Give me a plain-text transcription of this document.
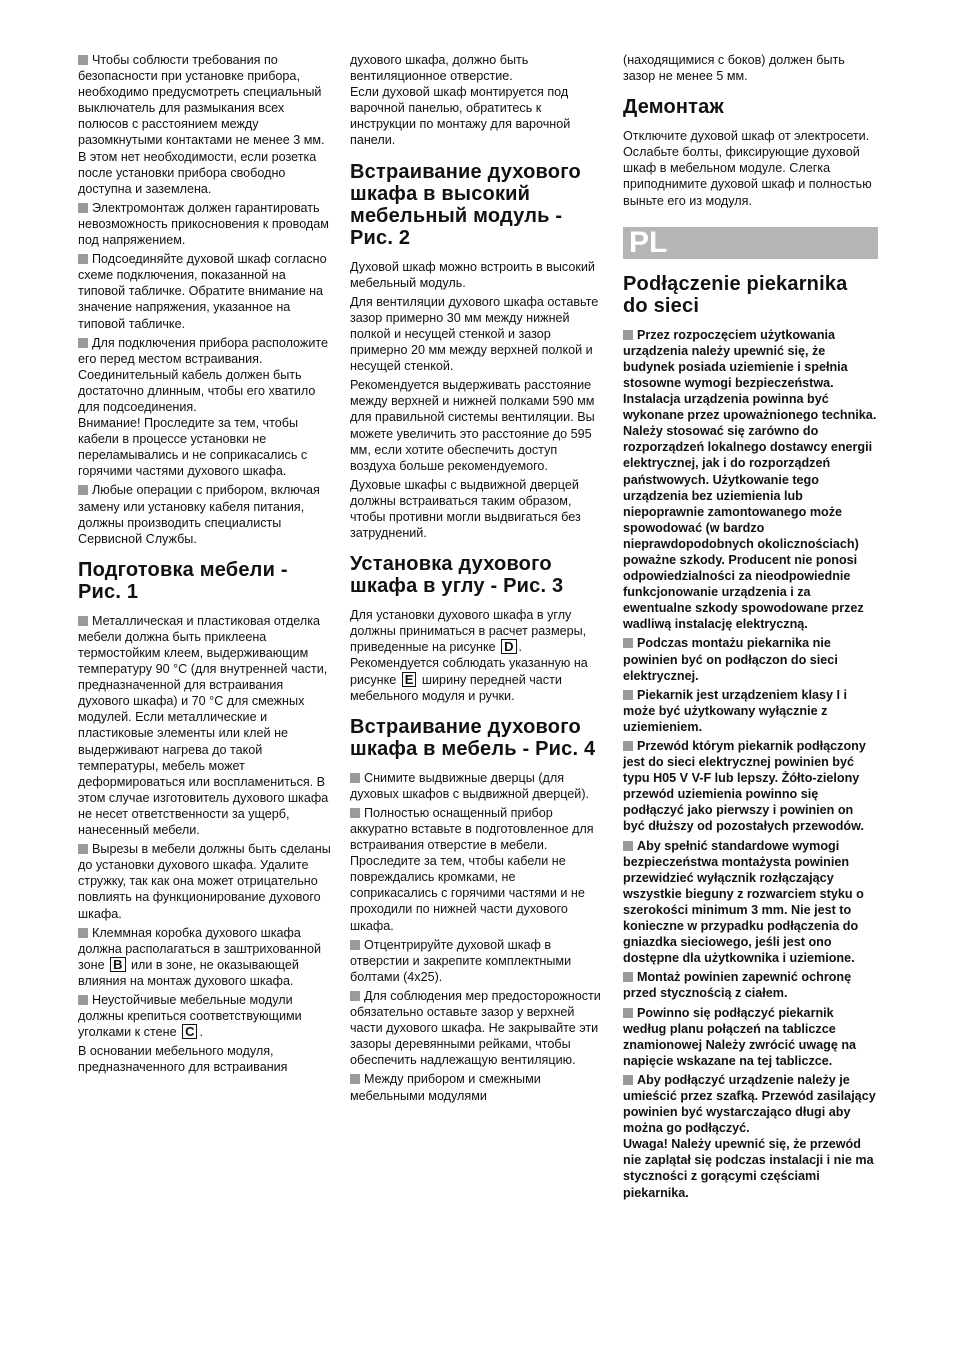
Чтобы соблюсти требования по безопасности при установке прибора, необходимо предусмотреть специальный выключатель для размыкания всех полюсов с расстоянием между разомкнутыми контактами не менее 3 мм. В этом нет необходимости, если розетка после установки прибора свободно доступна и заземлена.

Электромонтаж должен гарантировать невозможность прикосновения к проводам под напряжением.

Подсоединяйте духовой шкаф согласно схеме подключения, показанной на типовой табличке. Обратите внимание на значение напряжения, указанное на типовой табличке.

Для подключения прибора расположите его перед местом встраивания. Соединительный кабель должен быть достаточно длинным, чтобы его хватило для подсоединения.

Внимание! Проследите за тем, чтобы кабели в процессе установки не переламывались и не соприкасались с горячими частями духового шкафа.

Любые операции с прибором, включая замену или установку кабеля питания, должны производить специалисты Сервисной Службы.

Подготовка мебели - Рис. 1

Металлическая и пластиковая отделка мебели должна быть приклеена термостойким клеем, выдерживающим температуру 90 °C (для внутренней части, предназначенной для встраивания духового шкафа) и 70 °C для смежных модулей. Если металлические и пластиковые элементы или клей не выдерживают нагрева до такой температуры, мебель может деформироваться или воспламениться. В этом случае изготовитель духового шкафа не несет ответственности за ущерб, нанесенный мебели.

Вырезы в мебели должны быть сделаны до установки духового шкафа. Удалите стружку, так как она может отрицательно повлиять на функционирование духового шкафа.

Клеммная коробка духового шкафа должна располагаться в заштрихованной зоне B или в зоне, не оказывающей влияния на монтаж духового шкафа.

Неустойчивые мебельные модули должны крепиться соответствующими уголками к стене C .

В основании мебельного модуля, предназначенного для встраивания

духового шкафа, должно быть вентиляционное отверстие.

Если духовой шкаф монтируется под варочной панелью, обратитесь к инструкции по монтажу для варочной панели.

Встраивание духового шкафа в высокий мебельный модуль - Рис. 2

Духовой шкаф можно встроить в высокий мебельный модуль.

Для вентиляции духового шкафа оставьте зазор примерно 30 мм между нижней полкой и несущей стенкой и зазор примерно 20 мм между верхней полкой и несущей стенкой.

Рекомендуется выдерживать расстояние между верхней и нижней полками 590 мм для правильной системы вентиляции. Вы можете увеличить это расстояние до 595 мм, если хотите обеспечить доступ воздуха больше рекомендуемого.

Духовые шкафы с выдвижной дверцей должны встраиваться таким образом, чтобы противни могли выдвигаться без затруднений.

Установка духового шкафа в углу - Рис. 3

Для установки духового шкафа в углу должны приниматься в расчет размеры, приведенные на рисунке D . Рекомендуется соблюдать указанную на рисунке E ширину передней части мебельного модуля и ручки.

Встраивание духового шкафа в мебель - Рис. 4

Снимите выдвижные дверцы (для духовых шкафов с выдвижной дверцей).

Полностью оснащенный прибор аккуратно вставьте в подготовленное для встраивания отверстие в мебели. Проследите за тем, чтобы кабели не повреждались кромками, не соприкасались с горячими частями и не проходили по нижней части духового шкафа.

Отцентрируйте духовой шкаф в отверстии и закрепите комплектными болтами (4x25).

Для соблюдения мер предосторожности обязательно оставьте зазор у верхней части духового шкафа. Не закрывайте эти зазоры деревянными рейками, чтобы обеспечить надлежащую вентиляцию.

Между прибором и смежными мебельными модулями

(находящимися с боков) должен быть зазор не менее 5 мм.

Демонтаж

Отключите духовой шкаф от электросети. Ослабьте болты, фиксирующие духовой шкаф в мебельном модуле. Слегка приподнимите духовой шкаф и полностью выньте его из модуля.

PL
Podłączenie piekarnika do sieci

Przez rozpoczęciem użytkowania urządzenia należy upewnić się, że budynek posiada uziemienie i spełnia stosowne wymogi bezpieczeństwa. Instalacja urządzenia powinna być wykonane przez upoważnionego technika. Należy stosować się zarówno do rozporządzeń lokalnego dostawcy energii elektrycznej, jak i do rozporządzeń państwowych. Użytkowanie tego urządzenia bez uziemienia lub niepoprawnie zamontowanego może spowodować (w bardzo nieprawdopodobnych okolicznościach) poważne szkody. Producent nie ponosi odpowiedzialności za nieodpowiednie funkcjonowanie urządzenia i za ewentualne szkody spowodowane przez wadliwą instalację elektryczną.

Podczas montażu piekarnika nie powinien być on podłączon do sieci elektrycznej.

Piekarnik jest urządzeniem klasy I i może być użytkowany wyłącznie z uziemieniem.

Przewód którym piekarnik podłączony jest do sieci elektrycznej powinien być typu H05 V V-F lub lepszy. Żółto-zielony przewód uziemienia powinno się podłączyć jako pierwszy i powinien on być dłuższy od pozostałych przewodów.

Aby spełnić standardowe wymogi bezpieczeństwa montażysta powinien przewidzieć wyłącznik rozłączający wszystkie bieguny z rozwarciem styku o szerokości minimum 3 mm. Nie jest to konieczne w przypadku podłączenia do gniazdka sieciowego, jeśli jest ono dostępne dla użytkownika i uziemione.

Montaż powinien zapewnić ochronę przed stycznością z ciałem.

Powinno się podłączyć piekarnik według planu połączeń na tabliczce znamionowej Należy zwrócić uwagę na napięcie wskazane na tej tabliczce.

Aby podłączyć urządzenie należy je umieścić przez szafką. Przewód zasilający powinien być wystarczająco długi aby można go podłączyć.

Uwaga! Należy upewnić się, że przewód nie zaplątał się podczas instalacji i nie ma styczności z gorącymi częściami piekarnika.
